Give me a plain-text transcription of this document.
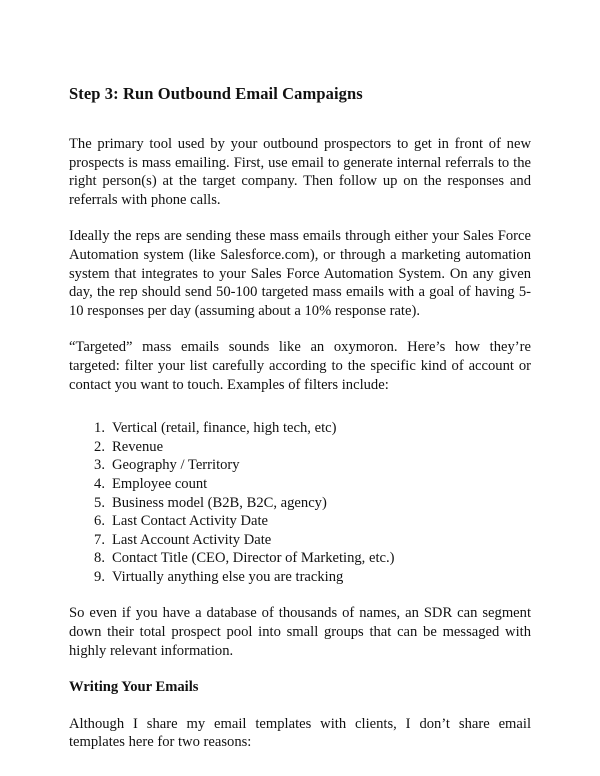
Step 3: Run Outbound Email Campaigns

The primary tool used by your outbound prospectors to get in front of new prospects is mass emailing. First, use email to generate internal referrals to the right person(s) at the target company. Then follow up on the responses and referrals with phone calls.

Ideally the reps are sending these mass emails through either your Sales Force Automation system (like Salesforce.com), or through a marketing automation system that integrates to your Sales Force Automation System. On any given day, the rep should send 50-100 targeted mass emails with a goal of having 5-10 responses per day (assuming about a 10% response rate).

“Targeted” mass emails sounds like an oxymoron. Here’s how they’re targeted: filter your list carefully according to the specific kind of account or contact you want to touch. Examples of filters include:

Vertical (retail, finance, high tech, etc)
Revenue
Geography / Territory
Employee count
Business model (B2B, B2C, agency)
Last Contact Activity Date
Last Account Activity Date
Contact Title (CEO, Director of Marketing, etc.)
Virtually anything else you are tracking

So even if you have a database of thousands of names, an SDR can segment down their total prospect pool into small groups that can be messaged with highly relevant information.

Writing Your Emails

Although I share my email templates with clients, I don’t share email templates here for two reasons:
